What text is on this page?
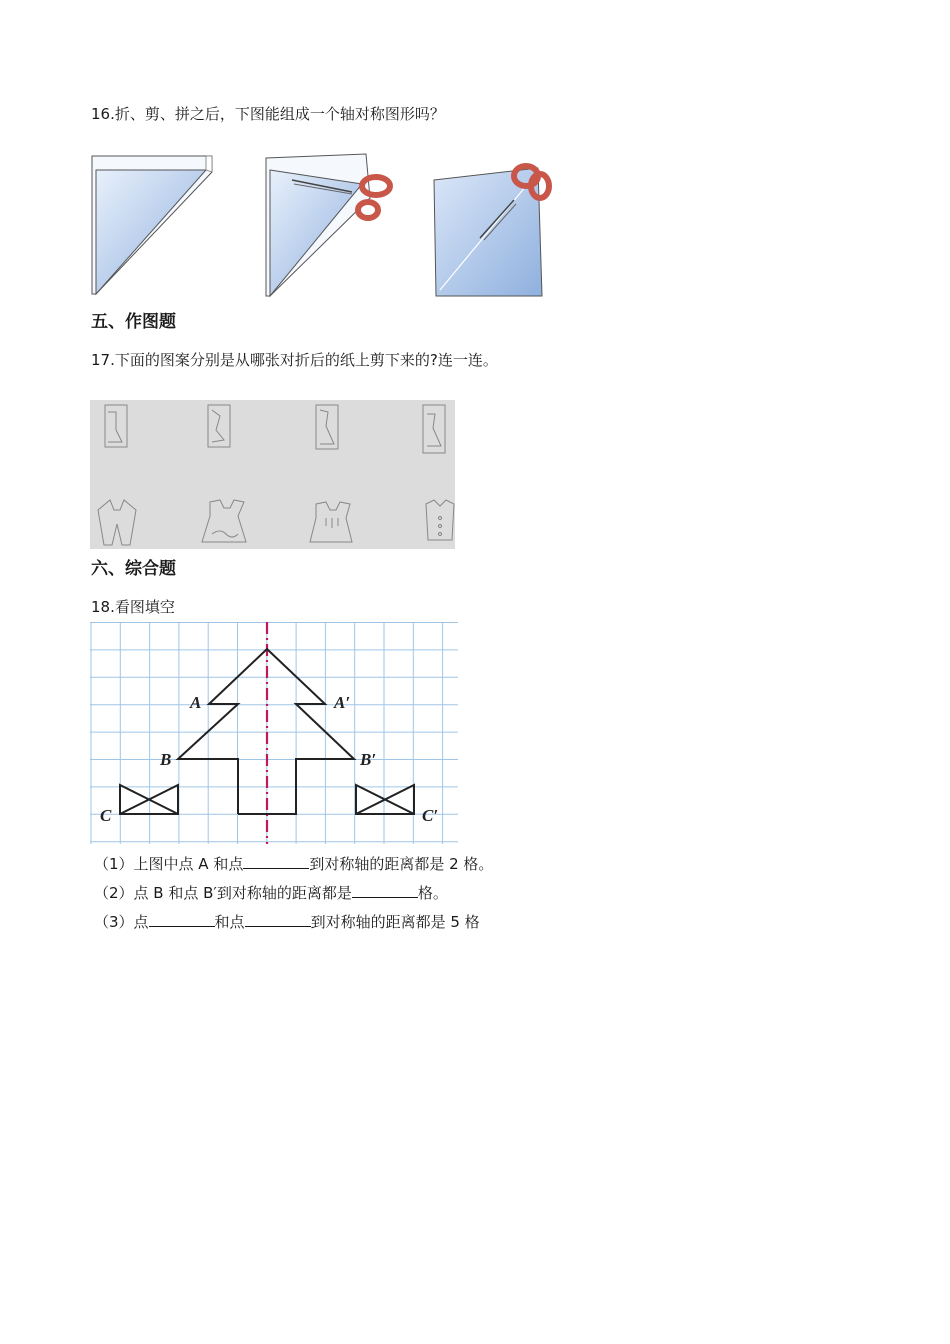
16.折、剪、拼之后，下图能组成一个轴对称图形吗？
五、作图题
17.下面的图案分别是从哪张对折后的纸上剪下来的?连一连。
六、综合题
18.看图填空
A	A′
B	B′
C	C′
（1）上图中点 A 和点	到对称轴的距离都是 2 格。
（2）点 B 和点 B′到对称轴的距离都是	格。
（3）点	和点	到对称轴的距离都是 5 格
